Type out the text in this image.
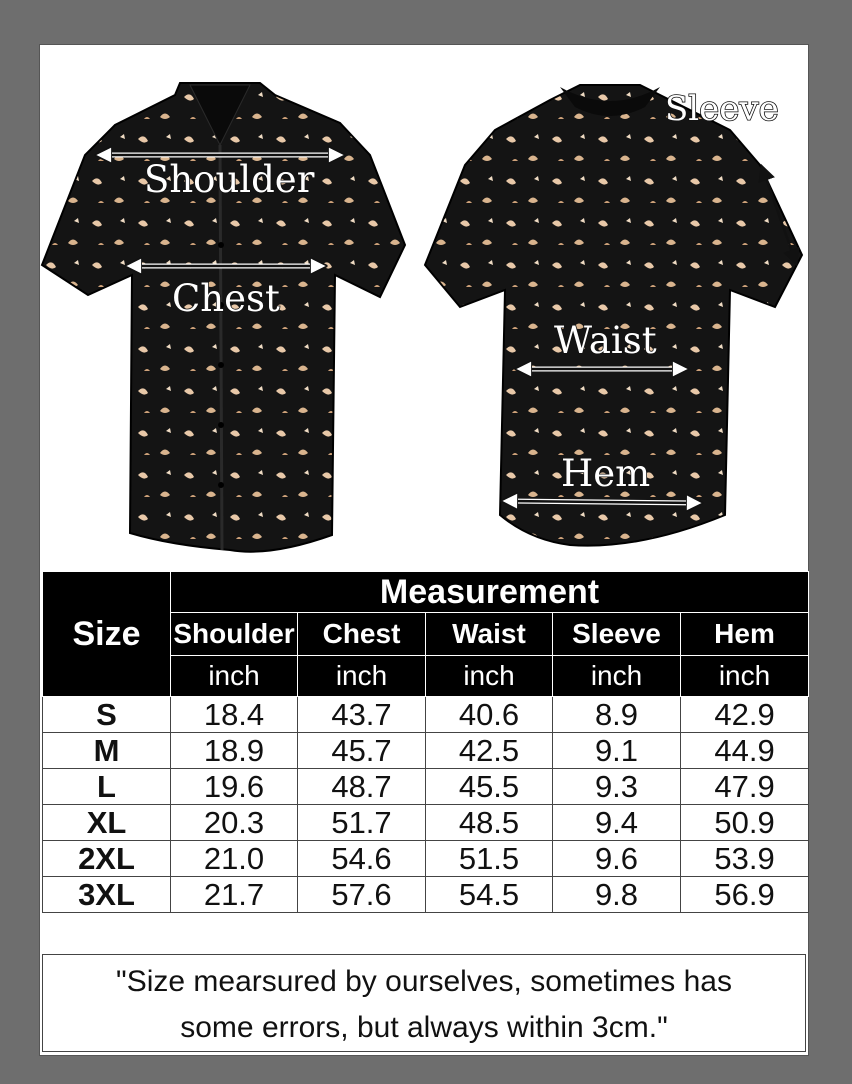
Shoulder
Chest
Waist
Hem
Sleeve
Size	Measurement				
	Shoulder	Chest	Waist	Sleeve	Hem
	inch	inch	inch	inch	inch
S	18.4	43.7	40.6	8.9	42.9
M	18.9	45.7	42.5	9.1	44.9
L	19.6	48.7	45.5	9.3	47.9
XL	20.3	51.7	48.5	9.4	50.9
2XL	21.0	54.6	51.5	9.6	53.9
3XL	21.7	57.6	54.5	9.8	56.9
"Size mearsured by ourselves, sometimes has
some errors, but always within 3cm."
